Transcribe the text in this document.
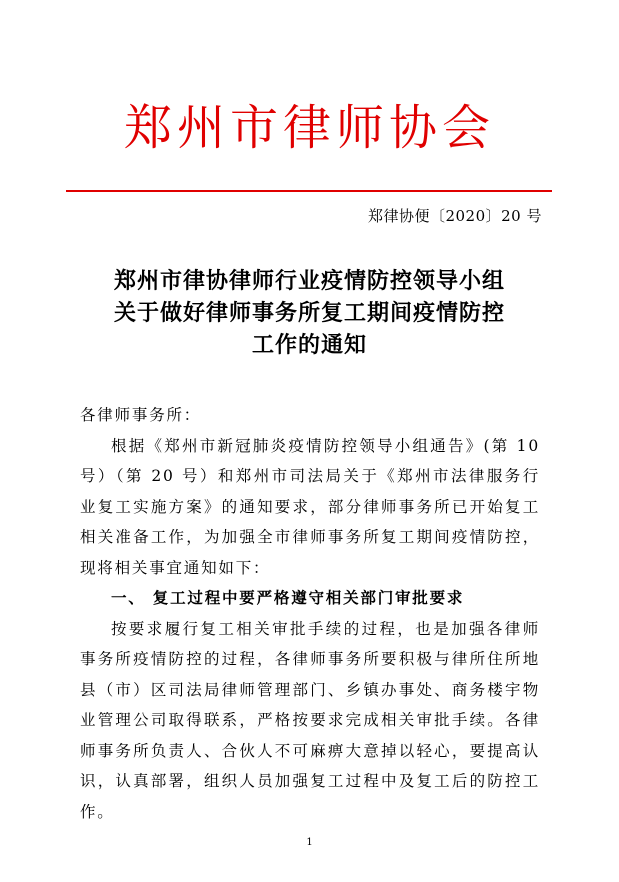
郑州市律师协会
郑律协便〔2020〕20 号
郑州市律协律师行业疫情防控领导小组
关于做好律师事务所复工期间疫情防控
工作的通知

各律师事务所：

根据《郑州市新冠肺炎疫情防控领导小组通告》(第 10 号）（第 20 号）和郑州市司法局关于《郑州市法律服务行业复工实施方案》的通知要求，部分律师事务所已开始复工相关准备工作，为加强全市律师事务所复工期间疫情防控，现将相关事宜通知如下：

一、 复工过程中要严格遵守相关部门审批要求

按要求履行复工相关审批手续的过程，也是加强各律师事务所疫情防控的过程，各律师事务所要积极与律所住所地县（市）区司法局律师管理部门、乡镇办事处、商务楼宇物业管理公司取得联系，严格按要求完成相关审批手续。各律师事务所负责人、合伙人不可麻痹大意掉以轻心，要提高认识，认真部署，组织人员加强复工过程中及复工后的防控工作。

1
